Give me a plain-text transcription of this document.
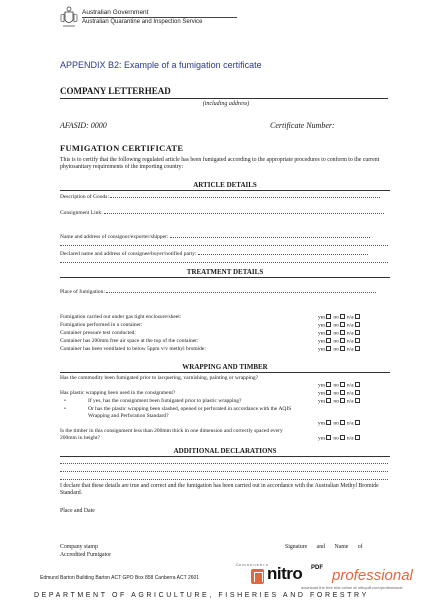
Australian Government
Australian Quarantine and Inspection Service
APPENDIX B2: Example of a fumigation certificate
COMPANY LETTERHEAD
(including address)
AFASID: 0000	Certificate Number:
FUMIGATION CERTIFICATE
This is to certify that the following regulated article has been fumigated according to the appropriate procedures to conform to the current phytosanitary requirements of the importing country:
ARTICLE DETAILS
Description of Goods:
Consignment Link:
Name and address of consignor/exporter/shipper:
Declared name and address of consignee/buyer/notified party:
TREATMENT DETAILS
Place of fumigation:
Fumigation carried out under gas tight enclosure/sheet:	yes no n/a
Fumigation performed in a container:	yes no n/a
Container pressure test conducted:	yes no n/a
Container has 200mm free air space at the top of the container:	yes no n/a
Container has been ventilated to below 5ppm v/v methyl bromide:	yes no n/a
WRAPPING AND TIMBER
Has the commodity been fumigated prior to lacquering, varnishing, painting or wrapping?
yes no n/a
Has plastic wrapping been used in the consignment?	yes no n/a
•	If yes, has the consignment been fumigated prior to plastic wrapping?	yes no n/a
•	Or has the plastic wrapping been slashed, opened or perforated in accordance with the AQIS Wrapping and Perforation Standard?
yes no n/a
Is the timber in this consignment less than 200mm thick in one dimension and correctly spaced every 200mm in height?	yes no n/a
ADDITIONAL DECLARATIONS
I declare that these details are true and correct and the fumigation has been carried out in accordance with the Australian Methyl Bromide Standard.
Place and Date
Company stamp
Accredited Fumigator
Signature and Name of
Co m a n n e b r u
Edmund Barton Building Barton ACT GPO Box 858 Canberra ACT 2601
DEPARTMENT OF AGRICULTURE, FISHERIES AND FORESTRY
nitro PDF professional
download the free trial online at nitropdf.com/professional
